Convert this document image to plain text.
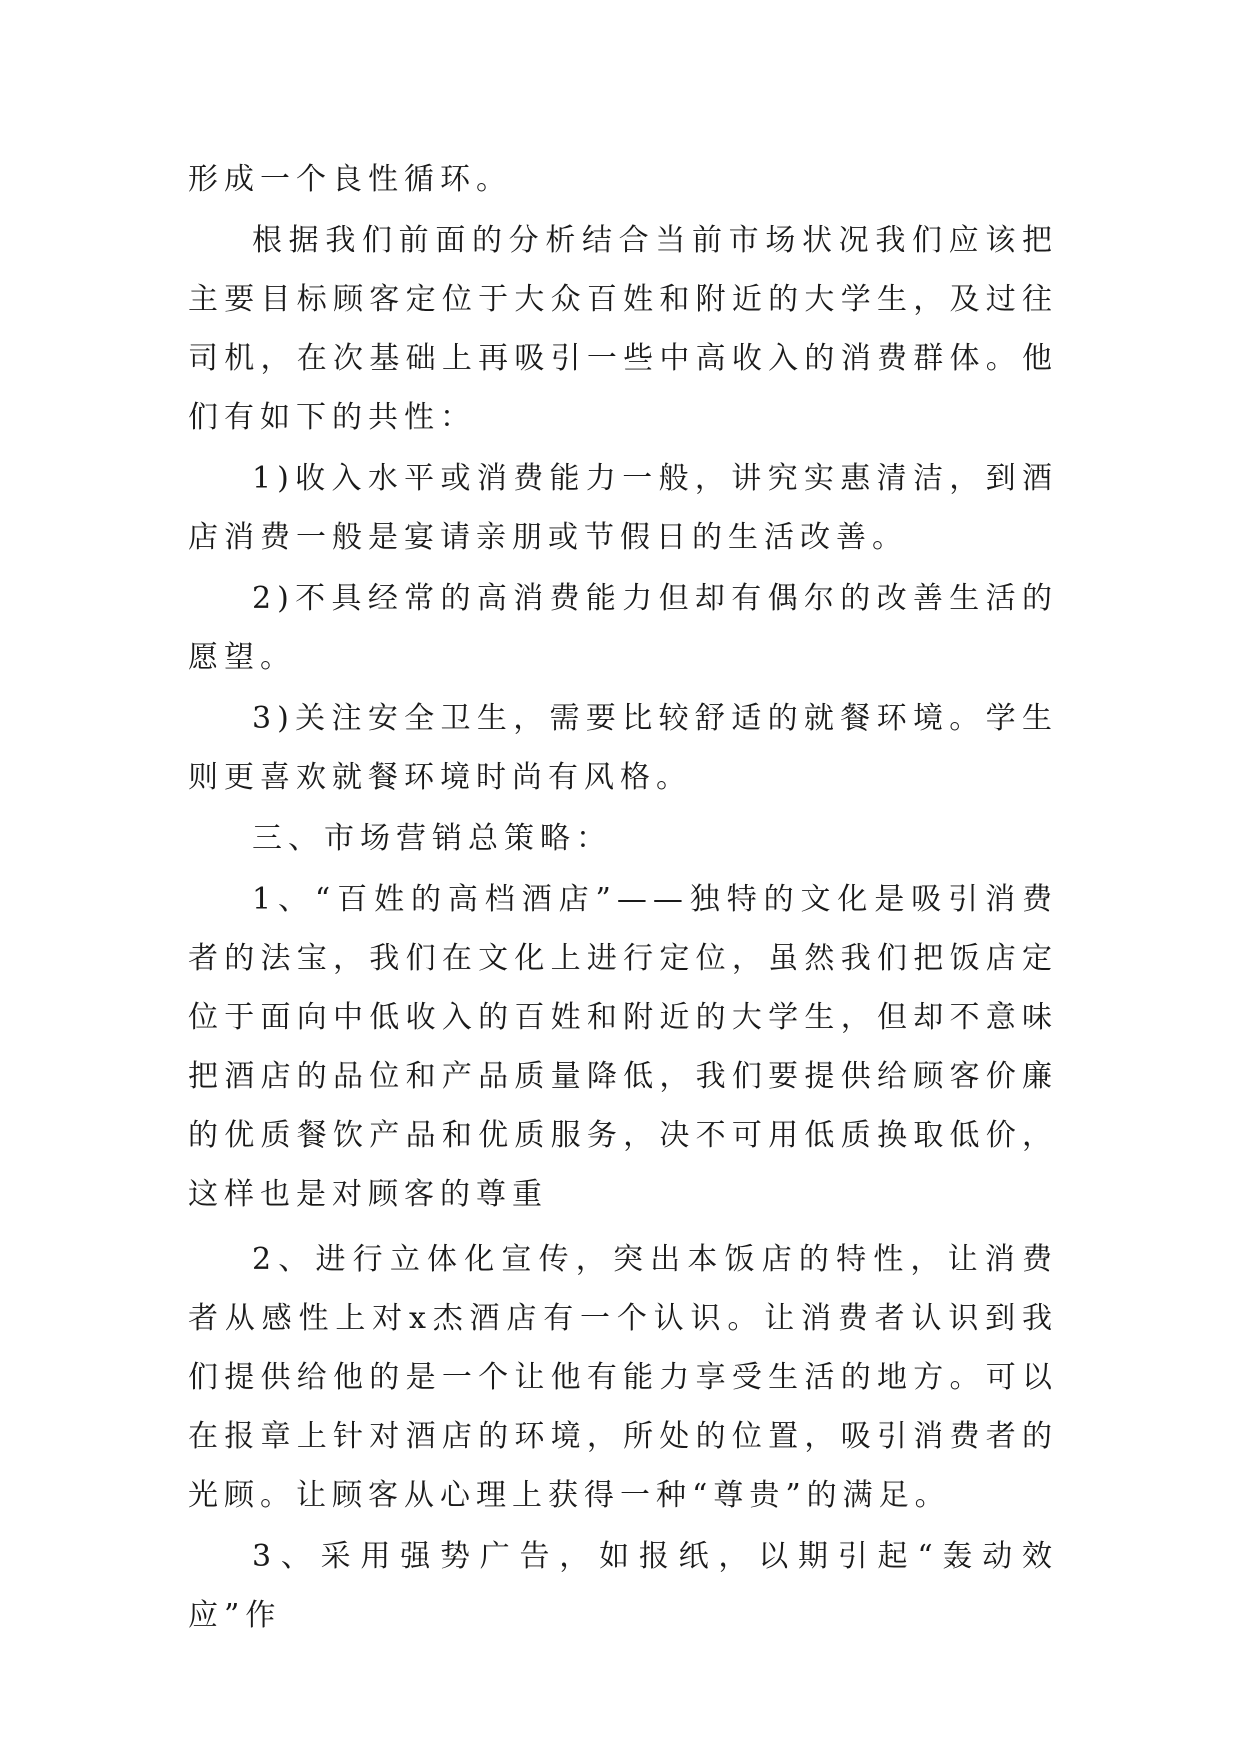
形成一个良性循环。

根据我们前面的分析结合当前市场状况我们应该把主要目标顾客定位于大众百姓和附近的大学生，及过往司机，在次基础上再吸引一些中高收入的消费群体。他们有如下的共性：

1)收入水平或消费能力一般，讲究实惠清洁，到酒店消费一般是宴请亲朋或节假日的生活改善。

2)不具经常的高消费能力但却有偶尔的改善生活的愿望。

3)关注安全卫生，需要比较舒适的就餐环境。学生则更喜欢就餐环境时尚有风格。

三、市场营销总策略：

1、“百姓的高档酒店”——独特的文化是吸引消费者的法宝，我们在文化上进行定位，虽然我们把饭店定位于面向中低收入的百姓和附近的大学生，但却不意味把酒店的品位和产品质量降低，我们要提供给顾客价廉的优质餐饮产品和优质服务，决不可用低质换取低价，这样也是对顾客的尊重

2、进行立体化宣传，突出本饭店的特性，让消费者从感性上对x杰酒店有一个认识。让消费者认识到我们提供给他的是一个让他有能力享受生活的地方。可以在报章上针对酒店的环境，所处的位置，吸引消费者的光顾。让顾客从心理上获得一种“尊贵”的满足。

3、采用强势广告，如报纸，以期引起“轰动效应”作
